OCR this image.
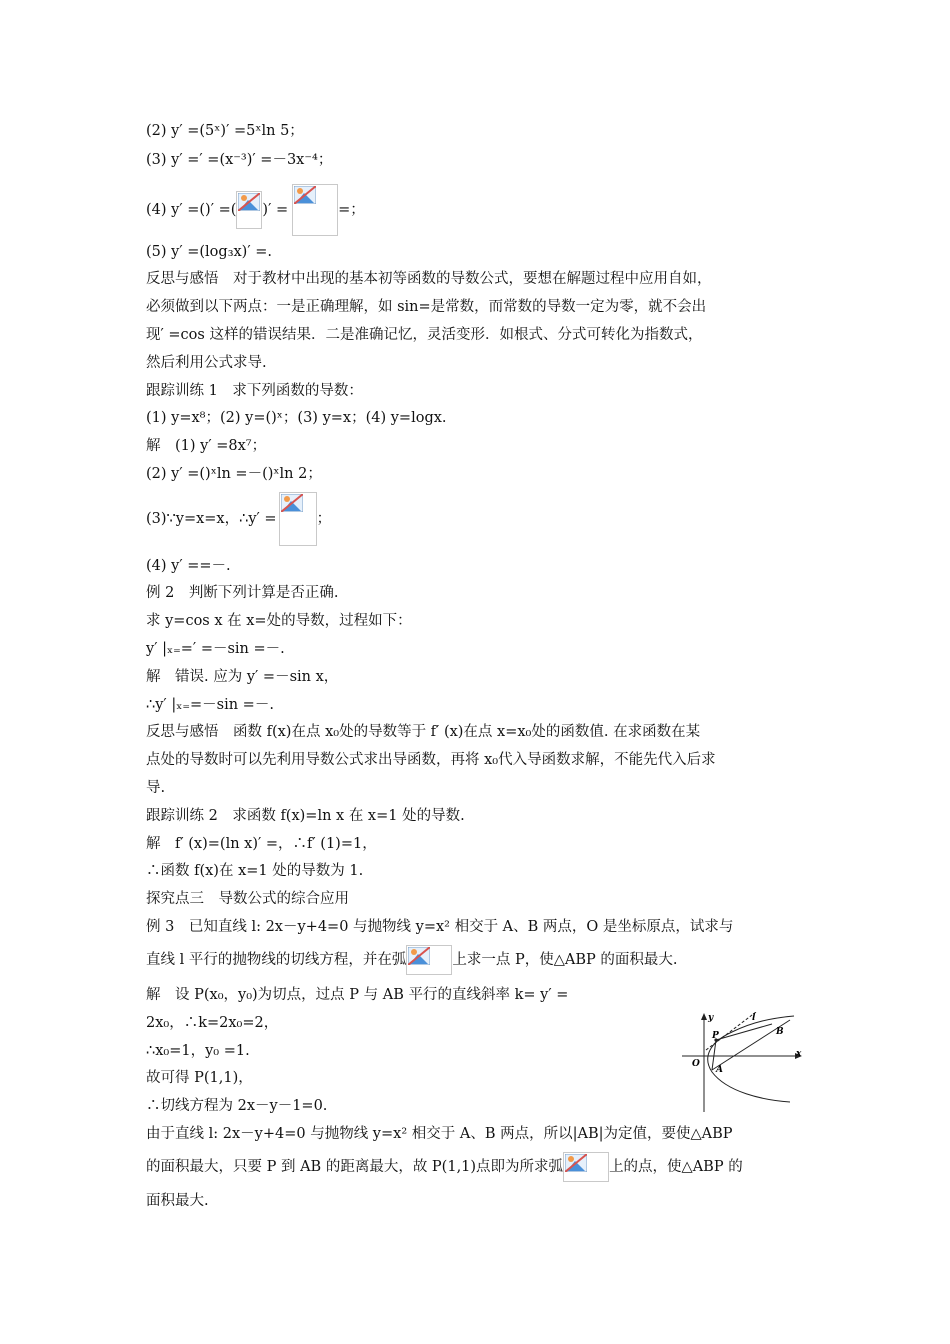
(2) y′ =(5ˣ)′ =5ˣln 5；
(3) y′ =′ =(x⁻³)′ =－3x⁻⁴；
(4) y′ =()′ =( )′ =	=；
(5) y′ =(log₃x)′ =.
反思与感悟　对于教材中出现的基本初等函数的导数公式，要想在解题过程中应用自如，
必须做到以下两点：一是正确理解，如 sin=是常数，而常数的导数一定为零，就不会出
现′ =cos 这样的错误结果．二是准确记忆，灵活变形．如根式、分式可转化为指数式，
然后利用公式求导.
跟踪训练 1　求下列函数的导数：
(1) y=x⁸；(2) y=()ˣ；(3) y=x；(4) y=logx.
解　(1) y′ =8x⁷；
(2) y′ =()ˣln =－()ˣln 2；
(3)∵y=x=x，∴y′ =	；
(4) y′ ==－.
例 2　判断下列计算是否正确.
求 y=cos x 在 x=处的导数，过程如下：
y′ |ₓ₌=′ =－sin =－.
解　错误. 应为 y′ =－sin x，
∴y′ |ₓ₌=－sin =－.
反思与感悟　函数 f(x)在点 x₀处的导数等于 f′ (x)在点 x=x₀处的函数值. 在求函数在某
点处的导数时可以先利用导数公式求出导函数，再将 x₀代入导函数求解，不能先代入后求
导.
跟踪训练 2　求函数 f(x)=ln x 在 x=1 处的导数.
解　f′ (x)=(ln x)′ =，∴f′ (1)=1，
∴函数 f(x)在 x=1 处的导数为 1.
探究点三　导数公式的综合应用
例 3　已知直线 l: 2x－y+4=0 与抛物线 y=x² 相交于 A、B 两点，O 是坐标原点，试求与
直线 l 平行的抛物线的切线方程，并在弧	上求一点 P，使△ABP 的面积最大.
解　设 P(x₀，y₀)为切点，过点 P 与 AB 平行的直线斜率 k= y′ =
2x₀，∴k=2x₀=2，
∴x₀=1，y₀ =1.
故可得 P(1,1)，
∴切线方程为 2x－y－1=0.
由于直线 l: 2x－y+4=0 与抛物线 y=x² 相交于 A、B 两点，所以|AB|为定值，要使△ABP
的面积最大，只要 P 到 AB 的距离最大，故 P(1,1)点即为所求弧	上的点，使△ABP 的
面积最大.
y	l
B
P
O
A
x
